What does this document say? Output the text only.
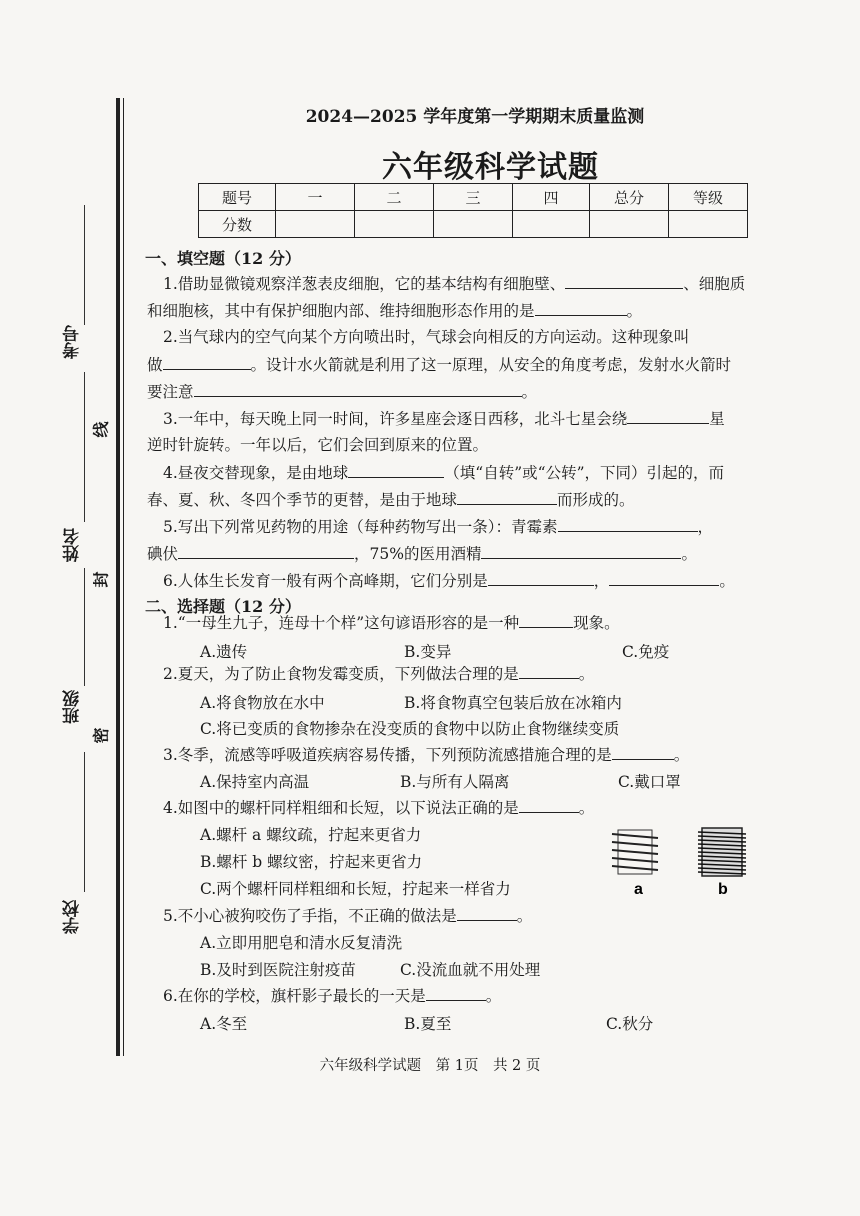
考号
线
姓名
封
班级
密
学校
2024—2025 学年度第一学期期末质量监测
六年级科学试题
题号	一	二	三	四	总分	等级
分数						
一、填空题（12 分）
1.借助显微镜观察洋葱表皮细胞，它的基本结构有细胞壁、	、细胞质
和细胞核，其中有保护细胞内部、维持细胞形态作用的是	。
2.当气球内的空气向某个方向喷出时，气球会向相反的方向运动。这种现象叫
做	。设计水火箭就是利用了这一原理，从安全的角度考虑，发射水火箭时
要注意	。
3.一年中，每天晚上同一时间，许多星座会逐日西移，北斗七星会绕	星
逆时针旋转。一年以后，它们会回到原来的位置。
4.昼夜交替现象，是由地球	（填“自转”或“公转”，下同）引起的，而
春、夏、秋、冬四个季节的更替，是由于地球	而形成的。
5.写出下列常见药物的用途（每种药物写出一条）：青霉素	，
碘伏	，75%的医用酒精	。
6.人体生长发育一般有两个高峰期，它们分别是	，	。
二、选择题（12 分）
1.“一母生九子，连母十个样”这句谚语形容的是一种	现象。
A.遗传	B.变异	C.免疫
2.夏天，为了防止食物发霉变质，下列做法合理的是	。
A.将食物放在水中	B.将食物真空包装后放在冰箱内
C.将已变质的食物掺杂在没变质的食物中以防止食物继续变质
3.冬季，流感等呼吸道疾病容易传播，下列预防流感措施合理的是	。
A.保持室内高温	B.与所有人隔离	C.戴口罩
4.如图中的螺杆同样粗细和长短，以下说法正确的是	。
A.螺杆 a 螺纹疏，拧起来更省力
B.螺杆 b 螺纹密，拧起来更省力
C.两个螺杆同样粗细和长短，拧起来一样省力	a	b
5.不小心被狗咬伤了手指，不正确的做法是	。
A.立即用肥皂和清水反复清洗
B.及时到医院注射疫苗	C.没流血就不用处理
6.在你的学校，旗杆影子最长的一天是	。
A.冬至	B.夏至	C.秋分
六年级科学试题　第 1页　共 2 页
